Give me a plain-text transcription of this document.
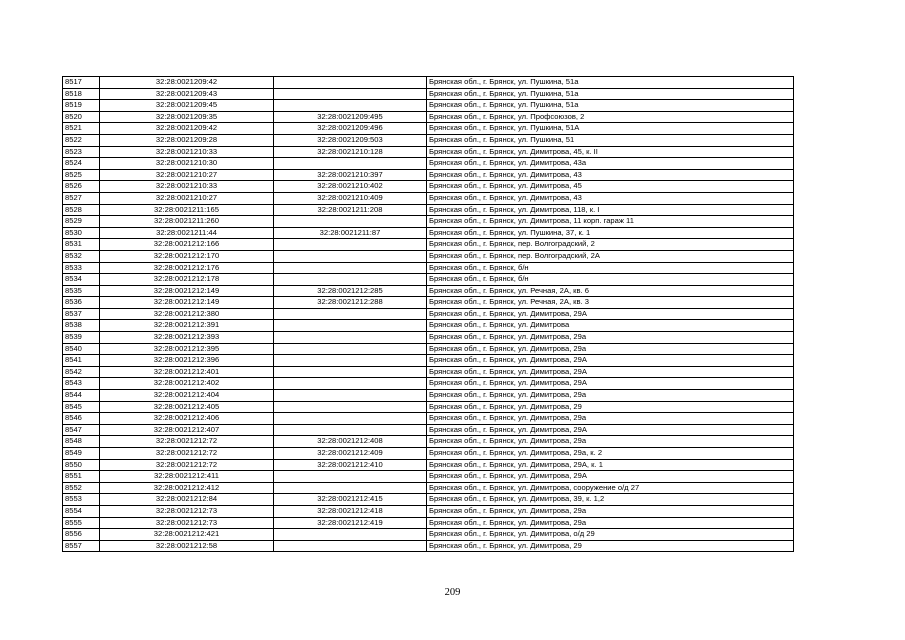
8517	32:28:0021209:42		Брянская обл., г. Брянск, ул. Пушкина, 51а
8518	32:28:0021209:43		Брянская обл., г. Брянск, ул. Пушкина, 51а
8519	32:28:0021209:45		Брянская обл., г. Брянск, ул. Пушкина, 51а
8520	32:28:0021209:35	32:28:0021209:495	Брянская обл., г. Брянск, ул. Профсоюзов, 2
8521	32:28:0021209:42	32:28:0021209:496	Брянская обл., г. Брянск, ул. Пушкина, 51А
8522	32:28:0021209:28	32:28:0021209:503	Брянская обл., г. Брянск, ул. Пушкина, 51
8523	32:28:0021210:33	32:28:0021210:128	Брянская обл., г. Брянск, ул. Димитрова, 45, к. II
8524	32:28:0021210:30		Брянская обл., г. Брянск, ул. Димитрова, 43а
8525	32:28:0021210:27	32:28:0021210:397	Брянская обл., г. Брянск, ул. Димитрова, 43
8526	32:28:0021210:33	32:28:0021210:402	Брянская обл., г. Брянск, ул. Димитрова, 45
8527	32:28:0021210:27	32:28:0021210:409	Брянская обл., г. Брянск, ул. Димитрова, 43
8528	32:28:0021211:165	32:28:0021211:208	Брянская обл., г. Брянск, ул. Димитрова, 118, к. I
8529	32:28:0021211:260		Брянская обл., г. Брянск, ул. Димитрова, 11 корп. гараж 11
8530	32:28:0021211:44	32:28:0021211:87	Брянская обл., г. Брянск, ул. Пушкина, 37, к. 1
8531	32:28:0021212:166		Брянская обл., г. Брянск, пер. Волгоградский, 2
8532	32:28:0021212:170		Брянская обл., г. Брянск, пер. Волгоградский, 2А
8533	32:28:0021212:176		Брянская обл., г. Брянск, б/н
8534	32:28:0021212:178		Брянская обл., г. Брянск, б/н
8535	32:28:0021212:149	32:28:0021212:285	Брянская обл., г. Брянск, ул. Речная, 2А, кв. 6
8536	32:28:0021212:149	32:28:0021212:288	Брянская обл., г. Брянск, ул. Речная, 2А, кв. 3
8537	32:28:0021212:380		Брянская обл., г. Брянск, ул. Димитрова, 29А
8538	32:28:0021212:391		Брянская обл., г. Брянск, ул. Димитрова
8539	32:28:0021212:393		Брянская обл., г. Брянск, ул. Димитрова, 29а
8540	32:28:0021212:395		Брянская обл., г. Брянск, ул. Димитрова, 29а
8541	32:28:0021212:396		Брянская обл., г. Брянск, ул. Димитрова, 29А
8542	32:28:0021212:401		Брянская обл., г. Брянск, ул. Димитрова, 29А
8543	32:28:0021212:402		Брянская обл., г. Брянск, ул. Димитрова, 29А
8544	32:28:0021212:404		Брянская обл., г. Брянск, ул. Димитрова, 29а
8545	32:28:0021212:405		Брянская обл., г. Брянск, ул. Димитрова, 29
8546	32:28:0021212:406		Брянская обл., г. Брянск, ул. Димитрова, 29а
8547	32:28:0021212:407		Брянская обл., г. Брянск, ул. Димитрова, 29А
8548	32:28:0021212:72	32:28:0021212:408	Брянская обл., г. Брянск, ул. Димитрова, 29а
8549	32:28:0021212:72	32:28:0021212:409	Брянская обл., г. Брянск, ул. Димитрова, 29а, к. 2
8550	32:28:0021212:72	32:28:0021212:410	Брянская обл., г. Брянск, ул. Димитрова, 29А, к. 1
8551	32:28:0021212:411		Брянская обл., г. Брянск, ул. Димитрова, 29А
8552	32:28:0021212:412		Брянская обл., г. Брянск, ул. Димитрова, сооружение о/д 27
8553	32:28:0021212:84	32:28:0021212:415	Брянская обл., г. Брянск, ул. Димитрова, 39, к. 1,2
8554	32:28:0021212:73	32:28:0021212:418	Брянская обл., г. Брянск, ул. Димитрова, 29а
8555	32:28:0021212:73	32:28:0021212:419	Брянская обл., г. Брянск, ул. Димитрова, 29а
8556	32:28:0021212:421		Брянская обл., г. Брянск, ул. Димитрова, о/д 29
8557	32:28:0021212:58		Брянская обл., г. Брянск, ул. Димитрова, 29
209
